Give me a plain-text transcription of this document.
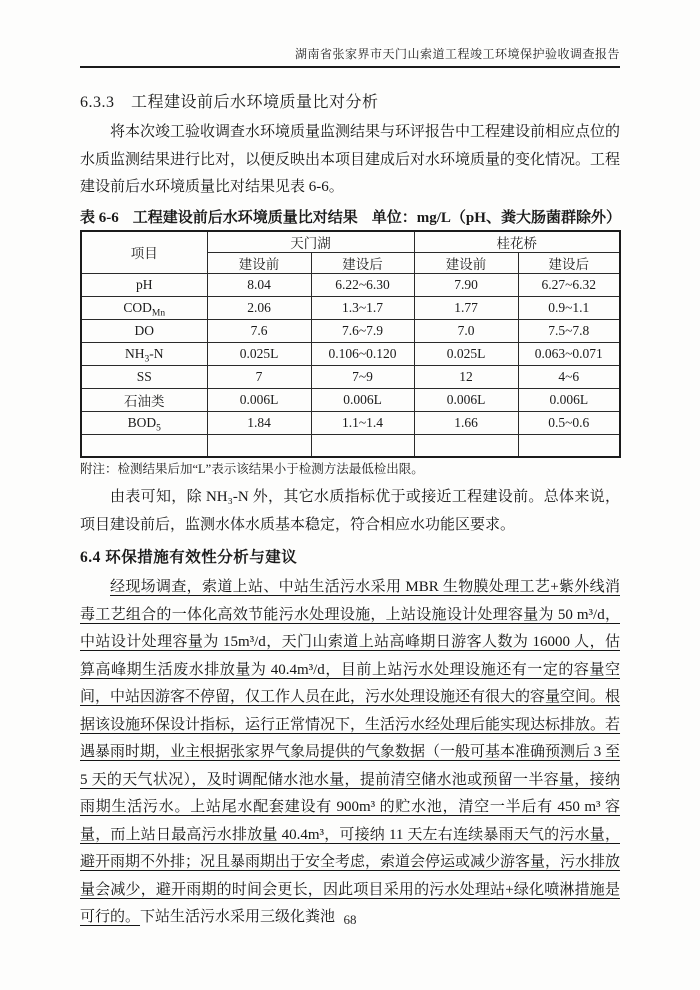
湖南省张家界市天门山索道工程竣工环境保护验收调查报告
6.3.3　工程建设前后水环境质量比对分析

将本次竣工验收调查水环境质量监测结果与环评报告中工程建设前相应点位的水质监测结果进行比对，以便反映出本项目建成后对水环境质量的变化情况。工程建设前后水环境质量比对结果见表 6-6。

表 6-6 工程建设前后水环境质量比对结果 单位：mg/L（pH、粪大肠菌群除外）
项目	天门湖		桂花桥	
	建设前	建设后	建设前	建设后
pH	8.04	6.22~6.30	7.90	6.27~6.32
$COD_{Mn}$	2.06	1.3~1.7	1.77	0.9~1.1
DO	7.6	7.6~7.9	7.0	7.5~7.8
$NH_3-N$	0.025L	0.106~0.120	0.025L	0.063~0.071
SS	7	7~9	12	4~6
石油类	0.006L	0.006L	0.006L	0.006L
$BOD_5$	1.84	1.1~1.4	1.66	0.5~0.6

附注：检测结果后加“L”表示该结果小于检测方法最低检出限。

由表可知，除 NH₃-N 外，其它水质指标优于或接近工程建设前。总体来说，项目建设前后，监测水体水质基本稳定，符合相应水功能区要求。

6.4 环保措施有效性分析与建议

经现场调查，索道上站、中站生活污水采用 MBR 生物膜处理工艺+紫外线消毒工艺组合的一体化高效节能污水处理设施，上站设施设计处理容量为 50 m³/d，中站设计处理容量为 15m³/d，天门山索道上站高峰期日游客人数为 16000 人，估算高峰期生活废水排放量为 40.4m³/d，目前上站污水处理设施还有一定的容量空间，中站因游客不停留，仅工作人员在此，污水处理设施还有很大的容量空间。根据该设施环保设计指标，运行正常情况下，生活污水经处理后能实现达标排放。若遇暴雨时期，业主根据张家界气象局提供的气象数据（一般可基本准确预测后 3 至 5 天的天气状况），及时调配储水池水量，提前清空储水池或预留一半容量，接纳雨期生活污水。上站尾水配套建设有 900m³ 的贮水池，清空一半后有 450 m³ 容量，而上站日最高污水排放量 40.4m³，可接纳 11 天左右连续暴雨天气的污水量，避开雨期不外排；况且暴雨期出于安全考虑，索道会停运或减少游客量，污水排放量会减少，避开雨期的时间会更长，因此项目采用的污水处理站+绿化喷淋措施是可行的。下站生活污水采用三级化粪池 68
